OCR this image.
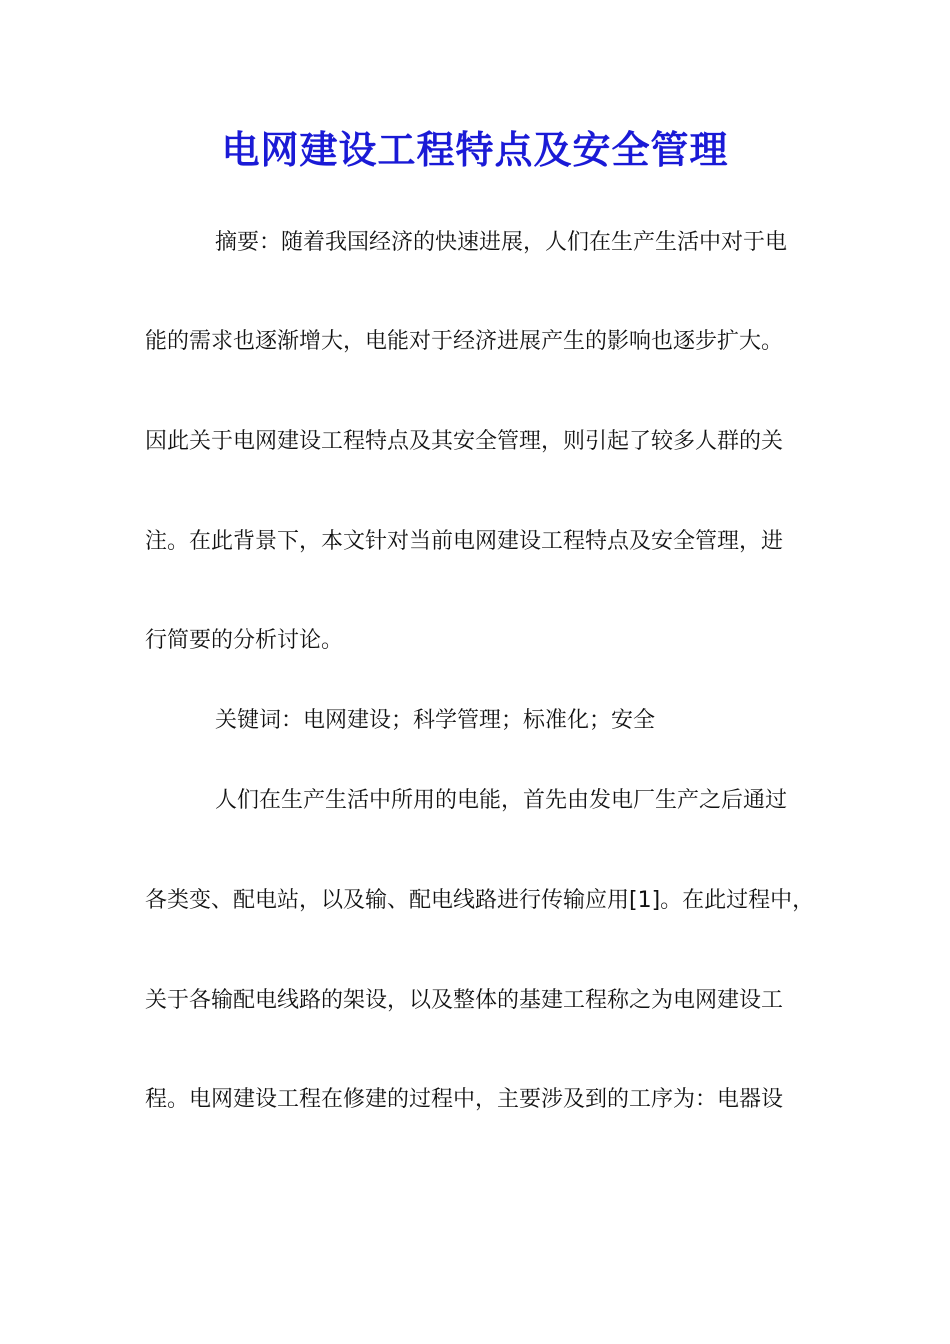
电网建设工程特点及安全管理
摘要：随着我国经济的快速进展，人们在生产生活中对于电
能的需求也逐渐增大，电能对于经济进展产生的影响也逐步扩大。
因此关于电网建设工程特点及其安全管理，则引起了较多人群的关
注。在此背景下，本文针对当前电网建设工程特点及安全管理，进
行简要的分析讨论。
关键词：电网建设；科学管理；标准化；安全
人们在生产生活中所用的电能，首先由发电厂生产之后通过
各类变、配电站，以及输、配电线路进行传输应用[1]。在此过程中，
关于各输配电线路的架设，以及整体的基建工程称之为电网建设工
程。电网建设工程在修建的过程中，主要涉及到的工序为：电器设
